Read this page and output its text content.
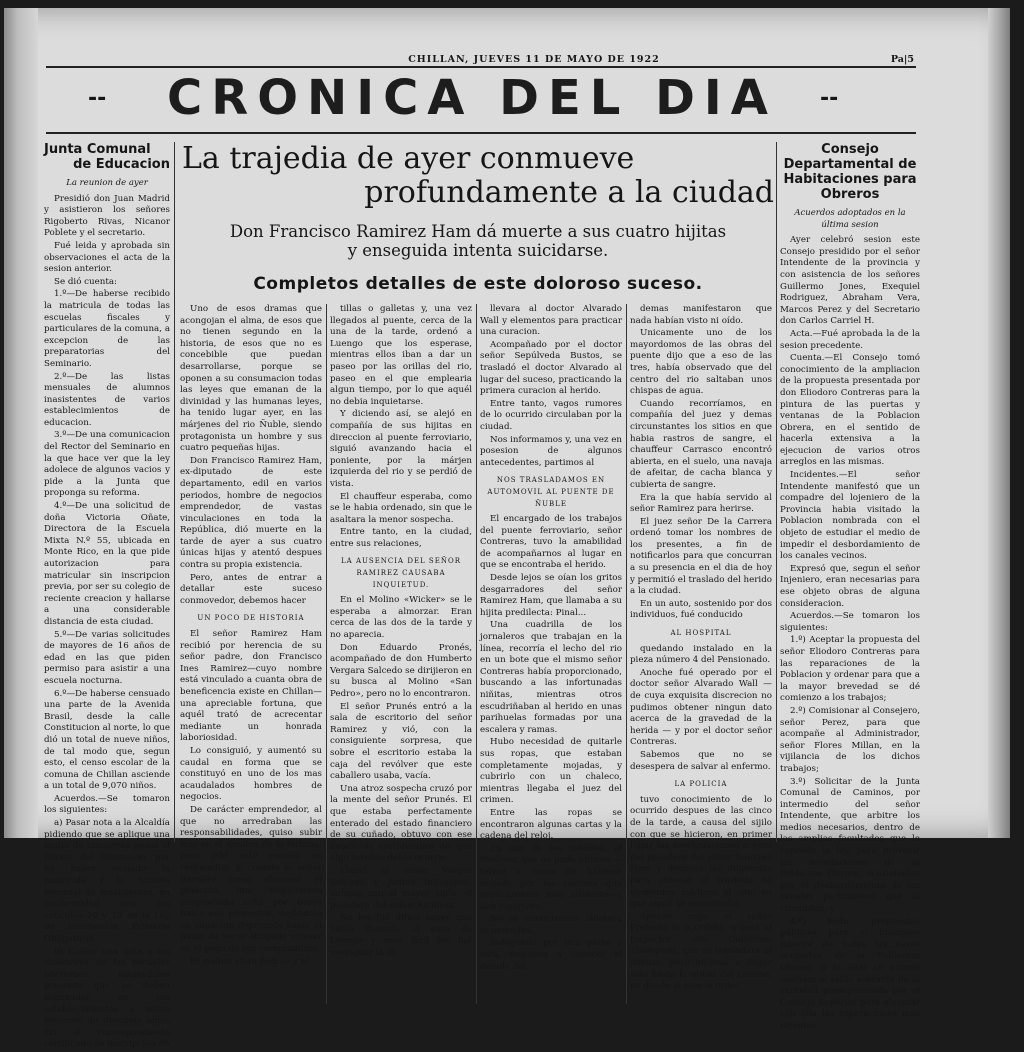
CHILLAN, JUEVES 11 DE MAYO DE 1922	Pa|5
--	CRONICA DEL DIA	--
Junta Comunal
de Educacion
La reunion de ayer

Presidió don Juan Madrid y asistieron los señores Rigoberto Rivas, Nicanor Poblete y el secretario.

Fué leida y aprobada sin observaciones el acta de la sesion anterior.

Se dió cuenta:

1.º—De haberse recibido la matricula de todas las escuelas fiscales y particulares de la comuna, a excepcion de las preparatorias del Seminario.

2.º—De las listas mensuales de alumnos inasistentes de varios establecimientos de educacion.

3.º—De una comunicacion del Rector del Seminario en la que hace ver que la ley adolece de algunos vacios y pide a la Junta que proponga su reforma.

4.º—De una solicitud de doña Victoria Oñate, Directora de la Escuela Mixta N.º 55, ubicada en Monte Rico, en la que pide autorizacion para matricular sin inscripcion previa, por ser su colegio de reciente creacion y hallarse a una considerable distancia de esta ciudad.

5.º—De varias solicitudes de mayores de 16 años de edad en las que piden permiso para asistir a una escuela nocturna.

6.º—De haberse censuado una parte de la Avenida Brasil, desde la calle Constitucion al norte, lo que dió un total de nueve niños, de tal modo que, segun esto, el censo escolar de la comuna de Chillan asciende a un total de 9,070 niños.

Acuerdos.—Se tomaron los siguientes:

a) Pasar nota a la Alcaldía pidiendo que se aplique una multa de cincuenta pesos al Rector del Seminario, por no haber enviado la matricula y la nómina mensual de inasistentes, en conformidad con los artículos 10 y 13 de la Ley de Instruccion Primaria Obligatoria.

b) Enviar una nota a los directores de las escuelas nocturnas, haciéndoles presente que no deben matricular en sus establecimientos a niños menores de dieciseis años, sin el correspondiente certificado de inscripcion de

La trajedia de ayer conmueve
profundamente a la ciudad
Don Francisco Ramirez Ham dá muerte a sus cuatro hijitas
y enseguida intenta suicidarse.
Completos detalles de este doloroso suceso.

Uno de esos dramas que acongojan el alma, de esos que no tienen segundo en la historia, de esos que no es concebible que puedan desarrollarse, porque se oponen a su consumacion todas las leyes que emanan de la divinidad y las humanas leyes, ha tenido lugar ayer, en las márjenes del rio Ñuble, siendo protagonista un hombre y sus cuatro pequeñas hijas.

Don Francisco Ramirez Ham, ex-diputado de este departamento, edil en varios periodos, hombre de negocios emprendedor, de vastas vinculaciones en toda la República, dió muerte en la tarde de ayer a sus cuatro únicas hijas y atentó despues contra su propia existencia.

Pero, antes de entrar a detallar este suceso conmovedor, debemos hacer

UN POCO DE HISTORIA

El señor Ramirez Ham recibió por herencia de su señor padre, don Francisco Ines Ramirez—cuyo nombre está vinculado a cuanta obra de beneficencia existe en Chillan—una apreciable fortuna, que aquél trató de acrecentar mediante un honrada laboriosidad.

Lo consiguió, y aumentó su caudal en forma que se constituyó en uno de los mas acaudalados hombres de negocios.

De carácter emprendedor, al que no arredraban las responsabilidades, quiso subir mas en el escalon de la fortuna; pero ¡ah! este escalon es resbaladizo y, cuando el señor Ramirez creía alcanzar el pináculo, una negociacion desgraciada echó por tierra todos sus proyectos, dejándolo en situacion deprimida hasta el punto de verse obligado a cesar en el pago de sus compromisos.

El molino «San Pedro» y el

tillas o galletas y, una vez llegados al puente, cerca de la una de la tarde, ordenó a Luengo que los esperase, mientras ellos iban a dar un paseo por las orillas del rio, paseo en el que emplearia algun tiempo, por lo que aquél no debia inquietarse.

Y diciendo así, se alejó en compañía de sus hijitas en direccion al puente ferroviario, siguió avanzando hacia el poniente, por la márjen izquierda del rio y se perdió de vista.

El chauffeur esperaba, como se le habia ordenado, sin que le asaltara la menor sospecha.

Entre tanto, en la ciudad, entre sus relaciones,

LA AUSENCIA DEL SEÑOR RAMIREZ CAUSABA INQUIETUD.

En el Molino «Wicker» se le esperaba a almorzar. Eran cerca de las dos de la tarde y no aparecia.

Don Eduardo Pronés, acompañado de don Humberto Vergara Salcedo se dirijieron en su busca al Molino «San Pedro», pero no lo encontraron.

El señor Prunés entró a la sala de escritorio del señor Ramirez y vió, con la consiguiente sorpresa, que sobre el escritorio estaba la caja del revólver que este caballero usaba, vacía.

Una atroz sospecha cruzó por la mente del señor Prunés. El que estaba perfectamente enterado del estado financiero de su cuñado, obtuvo con ese detalle la certidumbre de que algo terrible debía ocurrir.

Llamó al señor Vargas Salcedo y juntos indagaron, aunque con el mayor sijilo, el paradero del señor Ramirez.

No les fué difícil saber que había llamado al auto de Luengo y mas fácil les fué averiguar la di-

llevara al doctor Alvarado Wall y elementos para practicar una curacion.

Acompañado por el doctor señor Sepúlveda Bustos, se trasladó el doctor Alvarado al lugar del suceso, practicando la primera curacion al herido.

Entre tanto, vagos rumores de lo ocurrido circulaban por la ciudad.

Nos informamos y, una vez en posesion de algunos antecedentes, partimos al

NOS TRASLADAMOS EN AUTOMOVIL AL PUENTE DE ÑUBLE

El encargado de los trabajos del puente ferroviario, señor Contreras, tuvo la amabilidad de acompañarnos al lugar en que se encontraba el herido.

Desde lejos se oían los gritos desgarradores del señor Ramirez Ham, que llamaba a su hijita predilecta: Pinal...

Una cuadrilla de los jornaleros que trabajan en la línea, recorría el lecho del rio en un bote que el mismo señor Contreras había proporcionado, buscando a las infortunadas niñitas, mientras otros escudriñaban al herido en unas parihuelas formadas por una escalera y ramas.

Hubo necesidad de quitarle sus ropas, que estaban completamente mojadas, y cubrirlo con un chaleco, mientras llegaba el juez del crimen.

Entre las ropas se encontraron algunas cartas y la cadena del reloj.

En uno de los bolsillos, el revólver, que no pudo abrirse —talvez a causa de haberse mojado por las razones que explicaremos mas adelante—y una cigarrera.

No se encontraron billetera ni monedas.

Indagando por una parte y otra, llegamos a conocer el detalle del

demas manifestaron que nada habían visto ni oído.

Unicamente uno de los mayordomos de las obras del puente dijo que a eso de las tres, había observado que del centro del rio saltaban unos chispas de agua.

Cuando recorríamos, en compañía del juez y demas circunstantes los sitios en que habia rastros de sangre, el chauffeur Carrasco encontró abierta, en el suelo, una navaja de afeitar, de cacha blanca y cubierta de sangre.

Era la que había servido al señor Ramirez para herirse.

El juez señor De la Carrera ordenó tomar los nombres de los presentes, a fin de notificarlos para que concurran a su presencia en el dia de hoy y permitió el traslado del herido a la ciudad.

En un auto, sostenido por dos individuos, fué conducido

AL HOSPITAL

quedando instalado en la pieza número 4 del Pensionado.

Anoche fué operado por el doctor señor Alvarado Wall — de cuya exquisita discrecion no pudimos obtener ningun dato acerca de la gravedad de la herida — y por el doctor señor Contreras.

Sabemos que no se desespera de salvar al enfermo.

LA POLICIA

tuvo conocimiento de lo ocurrido despues de las cinco de la tarde, a causa del sijilo con que se hicieron, en primer lugar las averiguaciones acerca del paradero del señor Ramirez Ham y despues las dilijencias para obtener el traslado de elementos médicos al sitio en que aquél se encontraba.

Apenas supo el señor Prefecto lo ocurrido, ordenó al Inspector don Guillermo Thompson, que se trasladara al puente; pero alcanzó a llegar solo hasta la mitad del camino, en donde el juez le orde-

Consejo Departamental de
Habitaciones para
Obreros
Acuerdos adoptados en la última sesion

Ayer celebró sesion este Consejo presidido por el señor Intendente de la provincia y con asistencia de los señores Guillermo Jones, Exequiel Rodriguez, Abraham Vera, Marcos Perez y del Secretario don Carlos Carriel H.

Acta.—Fué aprobada la de la sesion precedente.

Cuenta.—El Consejo tomó conocimiento de la ampliacion de la propuesta presentada por don Eliodoro Contreras para la pintura de las puertas y ventanas de la Poblacion Obrera, en el sentido de hacerla extensiva a la ejecucion de varios otros arreglos en las mismas.

Incidentes.—El señor Intendente manifestó que un compadre del lojeniero de la Provincia habia visitado la Poblacion nombrada con el objeto de estudiar el medio de impedir el desbordamiento de los canales vecinos.

Expresó que, segun el señor Injeniero, eran necesarias para ese objeto obras de alguna consideracion.

Acuerdos.—Se tomaron los siguientes:

1.º) Aceptar la propuesta del señor Eliodoro Contreras para las reparaciones de la Poblacion y ordenar para que a la mayor brevedad se dé comienzo a los trabajos;

2.º) Comisionar al Consejero, señor Perez, para que acompañe al Administrador, señor Flores Millan, en la vijilancia de los dichos trabajos;

3.º) Solicitar de la Junta Comunal de Caminos, por intermedio del señor Intendente, que arbitre los medios necesarios, dentro de las amplias facultades que le concede la ley, para prevenir las inundaciones de la Poblacion Obrera, ocasionadas por el desbordamiento de los canales particulares que la circundan; y

4.º) Pedir propuestas públicas para el blanqueo interior de todas las casas ocupadas de la Poblacion Obrera, a lo cual se acordó destinar el saldo sobrante de la cantidad presupuestada por el Consejo Superior para efectuar con ello las reparaciones mas urjentes.
